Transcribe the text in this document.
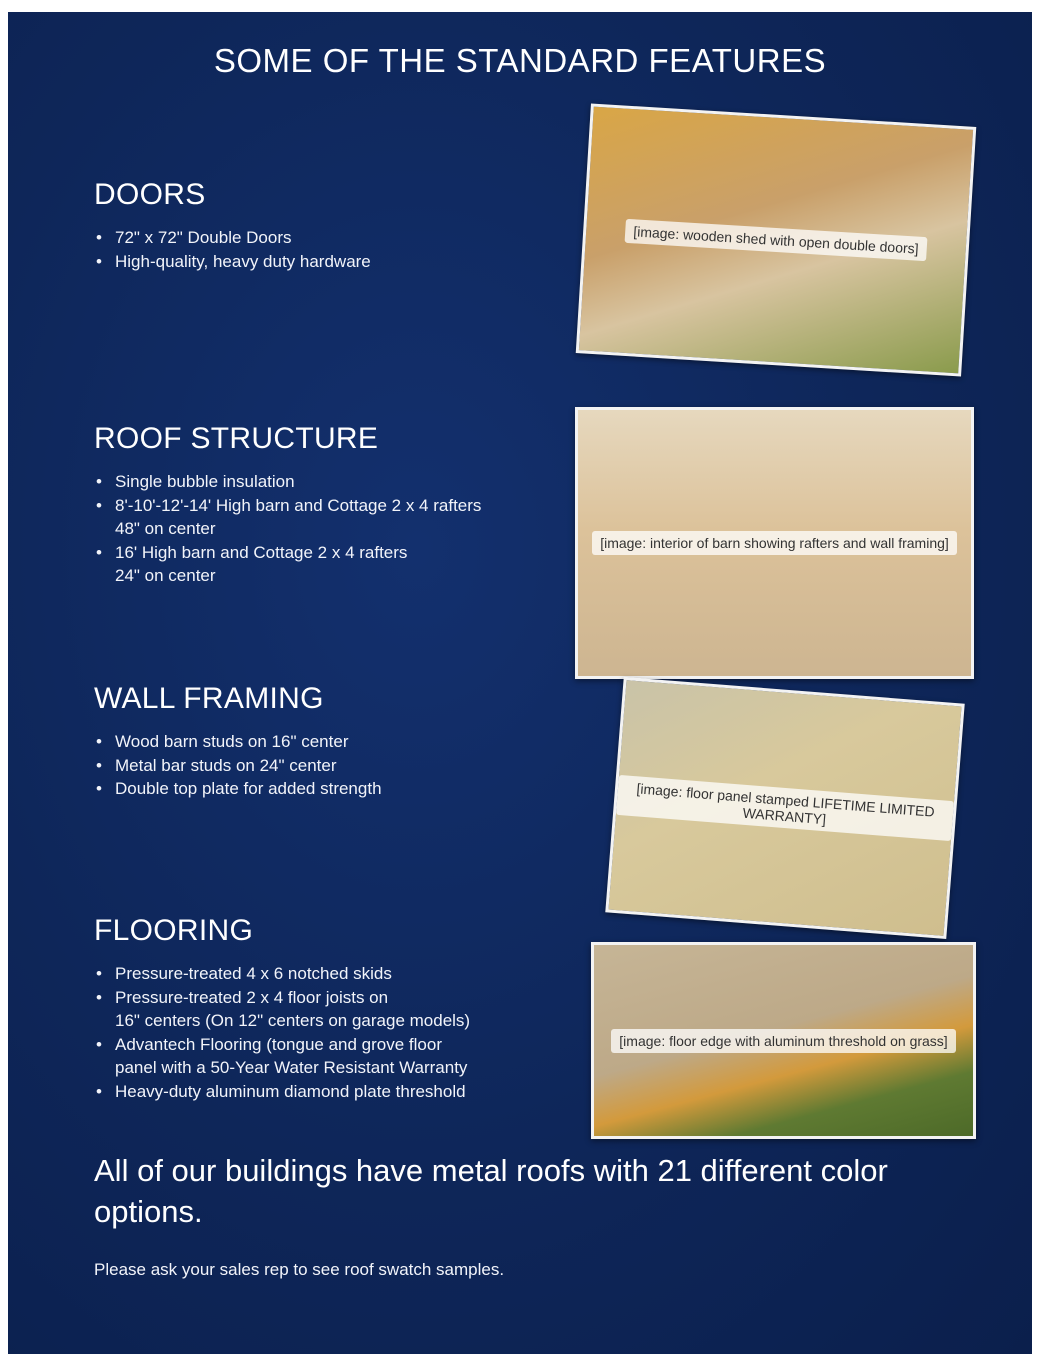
SOME OF THE STANDARD FEATURES
DOORS
• 72" x 72" Double Doors
• High-quality, heavy duty hardware
ROOF STRUCTURE
• Single bubble insulation
• 8'-10'-12'-14' High barn and Cottage 2 x 4 rafters
48" on center
• 16' High barn and Cottage 2 x 4 rafters
24" on center
WALL FRAMING
• Wood barn studs on 16" center
• Metal bar studs on 24" center
• Double top plate for added strength
FLOORING
• Pressure-treated 4 x 6 notched skids
• Pressure-treated 2 x 4 floor joists on
16" centers (On 12" centers on garage models)
• Advantech Flooring (tongue and grove floor
panel with a 50-Year Water Resistant Warranty
• Heavy-duty aluminum diamond plate threshold
[image: wooden shed with open double doors]
[image: interior of barn showing rafters and wall framing]
[image: floor panel stamped LIFETIME LIMITED WARRANTY]
[image: floor edge with aluminum threshold on grass]

All of our buildings have metal roofs with 21 different color options.

Please ask your sales rep to see roof swatch samples.
